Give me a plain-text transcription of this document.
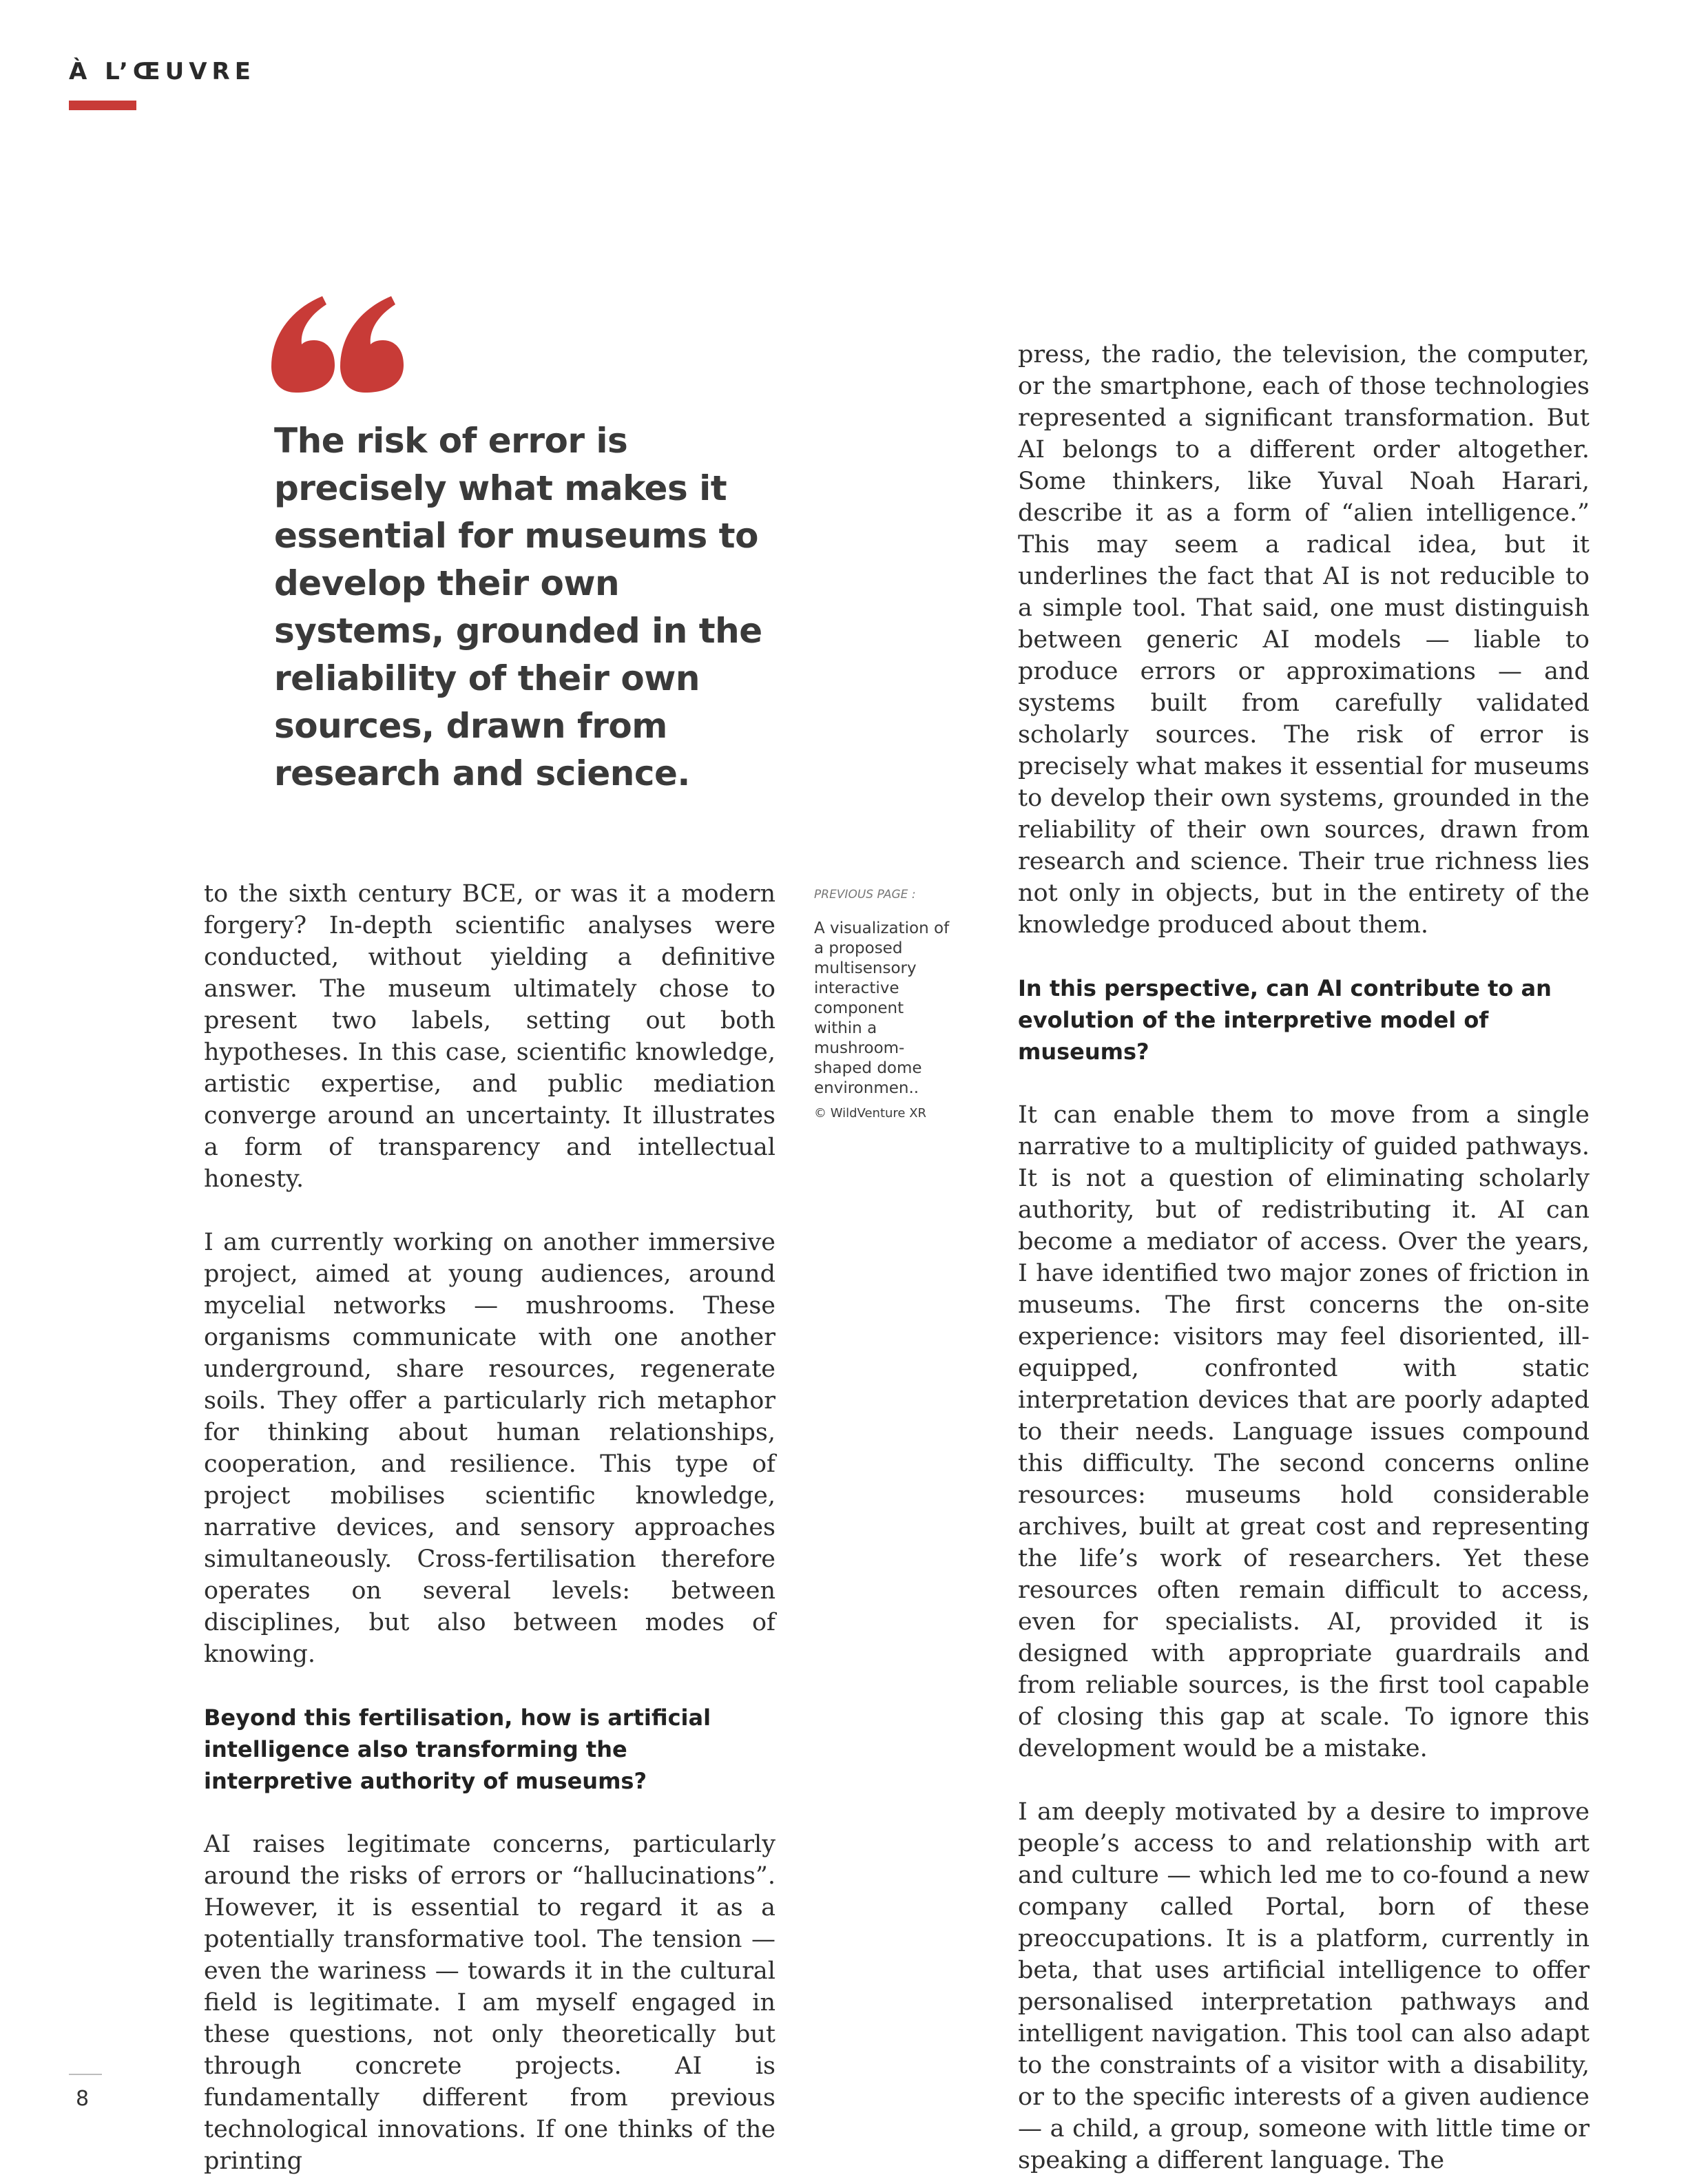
À L’ŒUVRE
The risk of error is precisely what makes it essential for museums to develop their own systems, grounded in the reliability of their own sources, drawn from research and science.

to the sixth century BCE, or was it a modern forgery? In-depth scientific analyses were conducted, without yielding a definitive answer. The museum ultimately chose to present two labels, setting out both hypotheses. In this case, scientific knowledge, artistic expertise, and public mediation converge around an uncertainty. It illustrates a form of transparency and intellectual honesty.

I am currently working on another immersive project, aimed at young audiences, around mycelial networks — mushrooms. These organisms communicate with one another underground, share resources, regenerate soils. They offer a particularly rich metaphor for thinking about human relationships, cooperation, and resilience. This type of project mobilises scientific knowledge, narrative devices, and sensory approaches simultaneously. Cross-fertilisation therefore operates on several levels: between disciplines, but also between modes of knowing.

Beyond this fertilisation, how is artificial intelligence also transforming the interpretive authority of museums?

AI raises legitimate concerns, particularly around the risks of errors or “hallucinations”. However, it is essential to regard it as a potentially transformative tool. The tension — even the wariness — towards it in the cultural field is legitimate. I am myself engaged in these questions, not only theoretically but through concrete projects. AI is fundamentally different from previous technological innovations. If one thinks of the printing

PREVIOUS PAGE :

A visualization of a proposed multisensory interactive component within a mushroom-shaped dome environmen..

© WildVenture XR

press, the radio, the television, the computer, or the smartphone, each of those technologies represented a significant transformation. But AI belongs to a different order altogether. Some thinkers, like Yuval Noah Harari, describe it as a form of “alien intelligence.” This may seem a radical idea, but it underlines the fact that AI is not reducible to a simple tool. That said, one must distinguish between generic AI models — liable to produce errors or approximations — and systems built from carefully validated scholarly sources. The risk of error is precisely what makes it essential for museums to develop their own systems, grounded in the reliability of their own sources, drawn from research and science. Their true richness lies not only in objects, but in the entirety of the knowledge produced about them.

In this perspective, can AI contribute to an evolution of the interpretive model of museums?

It can enable them to move from a single narrative to a multiplicity of guided pathways. It is not a question of eliminating scholarly authority, but of redistributing it. AI can become a mediator of access. Over the years, I have identified two major zones of friction in museums. The first concerns the on-site experience: visitors may feel disoriented, ill-equipped, confronted with static interpretation devices that are poorly adapted to their needs. Language issues compound this difficulty. The second concerns online resources: museums hold considerable archives, built at great cost and representing the life’s work of researchers. Yet these resources often remain difficult to access, even for specialists. AI, provided it is designed with appropriate guardrails and from reliable sources, is the first tool capable of closing this gap at scale. To ignore this development would be a mistake.

I am deeply motivated by a desire to improve people’s access to and relationship with art and culture — which led me to co-found a new company called Portal, born of these preoccupations. It is a platform, currently in beta, that uses artificial intelligence to offer personalised interpretation pathways and intelligent navigation. This tool can also adapt to the constraints of a visitor with a disability, or to the specific interests of a given audience — a child, a group, someone with little time or speaking a different language. The

8
